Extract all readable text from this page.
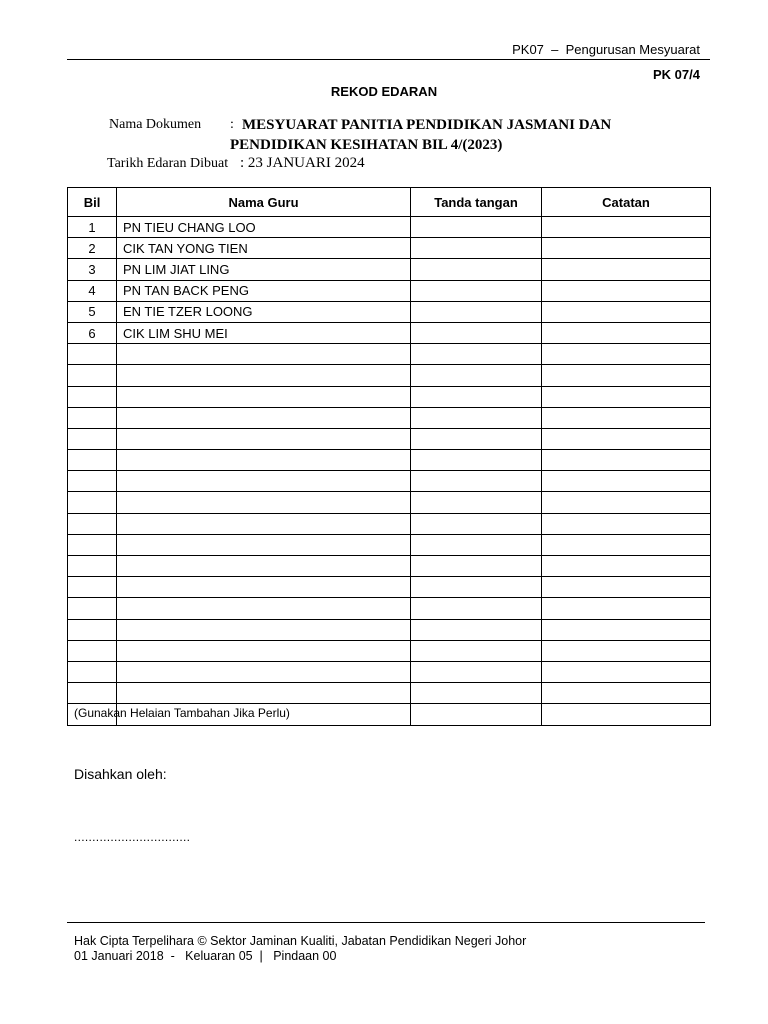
PK07  –  Pengurusan Mesyuarat
PK 07/4
REKOD EDARAN
Nama Dokumen : MESYUARAT PANITIA PENDIDIKAN JASMANI DAN
PENDIDIKAN KESIHATAN BIL 4/(2023)
Tarikh Edaran Dibuat : 23 JANUARI 2024
Bil	Nama Guru	Tanda tangan	Catatan
1	PN TIEU CHANG LOO		
2	CIK TAN YONG TIEN		
3	PN LIM JIAT LING		
4	PN TAN BACK PENG		
5	EN TIE TZER LOONG		
6	CIK LIM SHU MEI		

(Gunakan Helaian Tambahan Jika Perlu)
Disahkan oleh:
................................
Hak Cipta Terpelihara © Sektor Jaminan Kualiti, Jabatan Pendidikan Negeri Johor
01 Januari 2018  -   Keluaran 05  |   Pindaan 00
